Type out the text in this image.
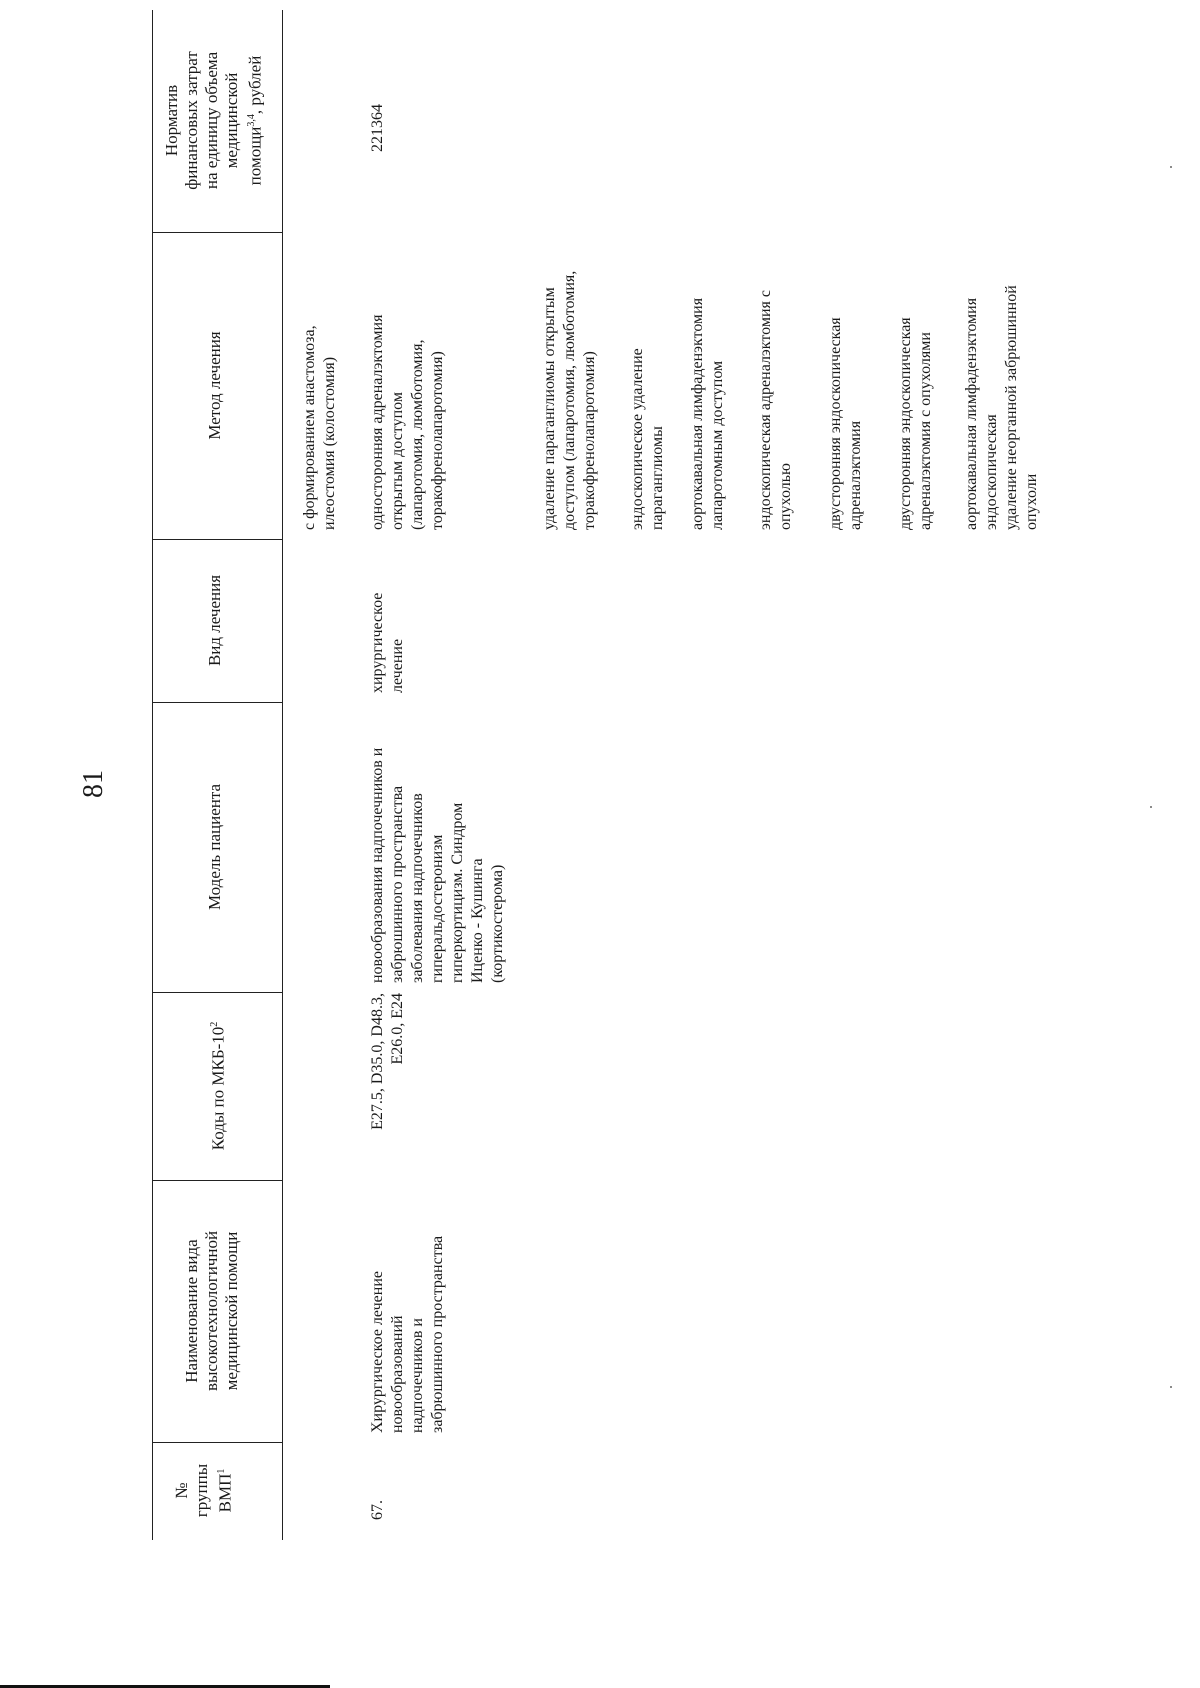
81
№
группы
ВМП$^1$
Наименование вида
высокотехнологичной
медицинской помощи
Коды по МКБ-$10^2$
Модель пациента
Вид лечения
Метод лечения
Норматив
финансовых затрат
на единицу объема
медицинской
помощи$^{3,4}$, рублей
с формированием анастомоза,
илеостомия (колостомия)
67.
Хирургическое лечение
новообразований
надпочечников и
забрюшинного пространства
E27.5, D35.0, D48.3,
E26.0, E24
новообразования надпочечников и
забрюшинного пространства
заболевания надпочечников
гиперальдостеронизм
гиперкортицизм. Синдром
Иценко - Кушинга
(кортикостерома)
хирургическое
лечение
односторонняя адреналэктомия
открытым доступом
(лапаротомия, люмботомия,
торакофренолапаротомия)	удаление параганглиомы открытым
доступом (лапаротомия, люмботомия,
торакофренолапаротомия) эндоскопическое удаление
параганглиомы аортокавальная лимфаденэктомия
лапаротомным доступом
эндоскопическая адреналэктомия с
опухолью двусторонняя эндоскопическая
адреналэктомия двусторонняя эндоскопическая
адреналэктомия с опухолями
аортокавальная лимфаденэктомия
эндоскопическая
удаление неорганной забрюшинной
опухоли
221364
